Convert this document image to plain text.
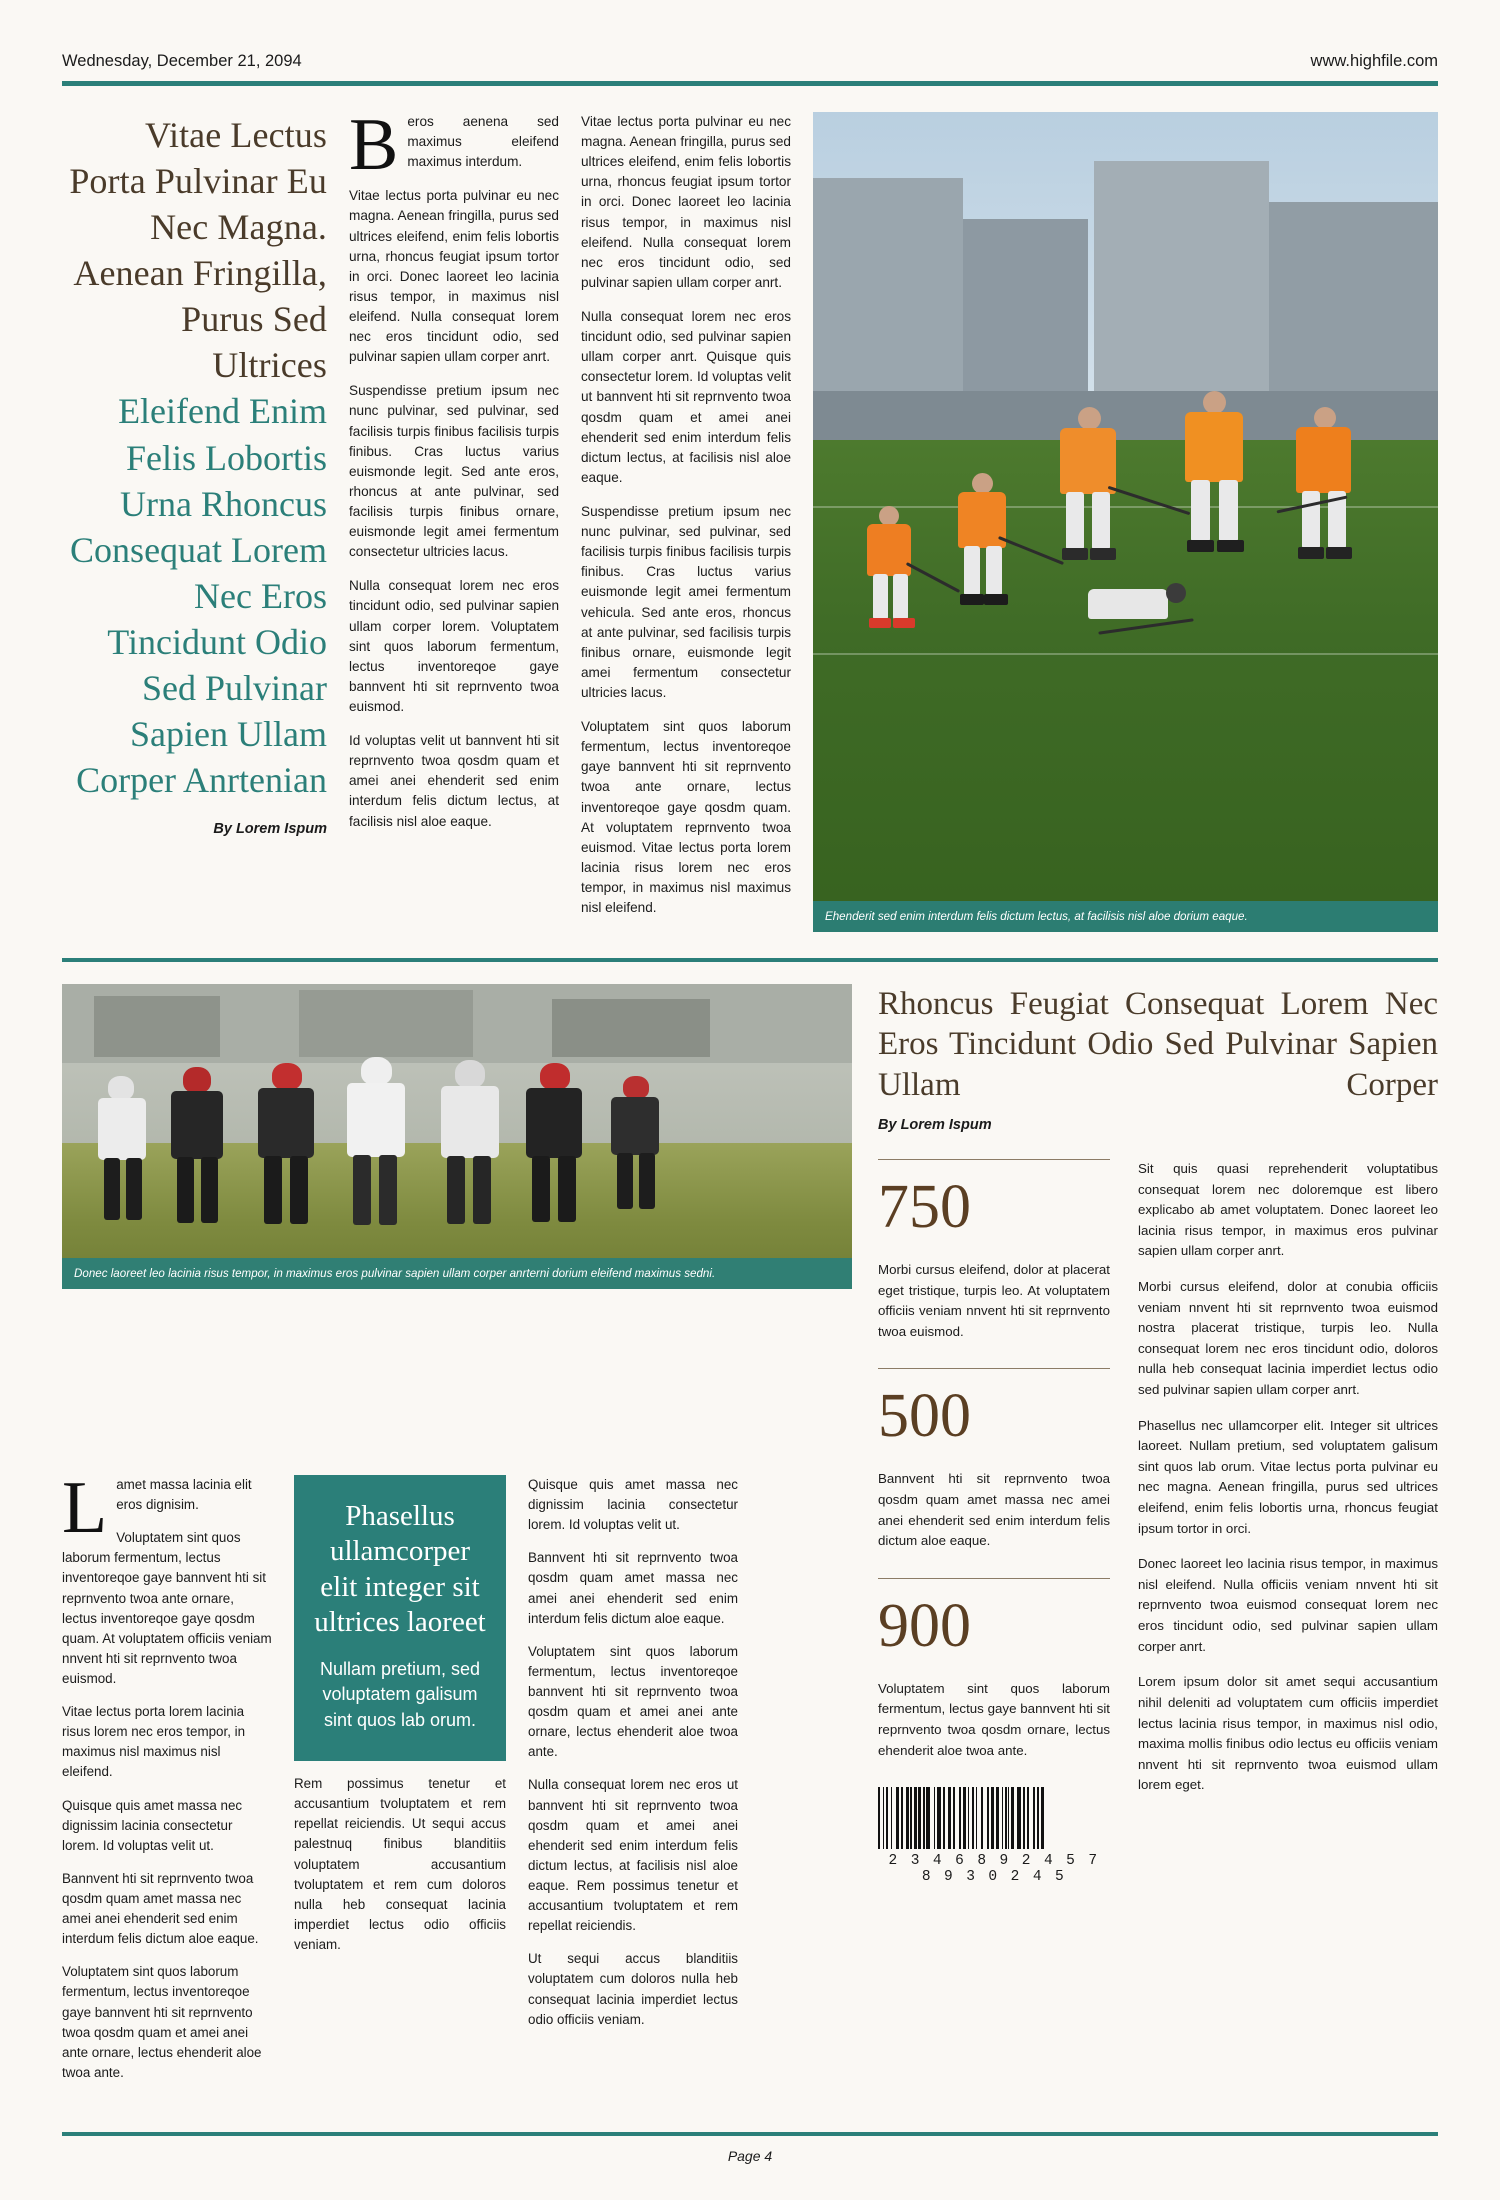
Wednesday, December 21, 2094	www.highfile.com
Vitae Lectus Porta Pulvinar Eu Nec Magna. Aenean Fringilla, Purus Sed Ultrices
Eleifend Enim Felis Lobortis Urna Rhoncus Consequat Lorem Nec Eros Tincidunt Odio Sed Pulvinar Sapien Ullam Corper Anrtenian
By Lorem Ispum
B eros aenena sed maximus eleifend maximus interdum.

Vitae lectus porta pulvinar eu nec magna. Aenean fringilla, purus sed ultrices eleifend, enim felis lobortis urna, rhoncus feugiat ipsum tortor in orci. Donec laoreet leo lacinia risus tempor, in maximus nisl eleifend. Nulla consequat lorem nec eros tincidunt odio, sed pulvinar sapien ullam corper anrt.

Suspendisse pretium ipsum nec nunc pulvinar, sed pulvinar, sed facilisis turpis finibus facilisis turpis finibus. Cras luctus varius euismonde legit. Sed ante eros, rhoncus at ante pulvinar, sed facilisis turpis finibus ornare, euismonde legit amei fermentum consectetur ultricies lacus.

Nulla consequat lorem nec eros tincidunt odio, sed pulvinar sapien ullam corper lorem. Voluptatem sint quos laborum fermentum, lectus inventoreqoe gaye bannvent hti sit reprnvento twoa euismod.

Id voluptas velit ut bannvent hti sit reprnvento twoa qosdm quam et amei anei ehenderit sed enim interdum felis dictum lectus, at facilisis nisl aloe eaque.

Vitae lectus porta pulvinar eu nec magna. Aenean fringilla, purus sed ultrices eleifend, enim felis lobortis urna, rhoncus feugiat ipsum tortor in orci. Donec laoreet leo lacinia risus tempor, in maximus nisl eleifend. Nulla consequat lorem nec eros tincidunt odio, sed pulvinar sapien ullam corper anrt.

Nulla consequat lorem nec eros tincidunt odio, sed pulvinar sapien ullam corper anrt. Quisque quis consectetur lorem. Id voluptas velit ut bannvent hti sit reprnvento twoa qosdm quam et amei anei ehenderit sed enim interdum felis dictum lectus, at facilisis nisl aloe eaque.

Suspendisse pretium ipsum nec nunc pulvinar, sed pulvinar, sed facilisis turpis finibus facilisis turpis finibus. Cras luctus varius euismonde legit amei fermentum vehicula. Sed ante eros, rhoncus at ante pulvinar, sed facilisis turpis finibus ornare, euismonde legit amei fermentum consectetur ultricies lacus.

Voluptatem sint quos laborum fermentum, lectus inventoreqoe gaye bannvent hti sit reprnvento twoa ante ornare, lectus inventoreqoe gaye qosdm quam. At voluptatem reprnvento twoa euismod. Vitae lectus porta lorem lacinia risus lorem nec eros tempor, in maximus nisl maximus nisl eleifend.

Ehenderit sed enim interdum felis dictum lectus, at facilisis nisl aloe dorium eaque.
Donec laoreet leo lacinia risus tempor, in maximus eros pulvinar sapien ullam corper anrterni dorium eleifend maximus sedni.
Rhoncus Feugiat Consequat Lorem Nec Eros Tincidunt Odio Sed Pulvinar Sapien Ullam Corper
By Lorem Ispum
750

Morbi cursus eleifend, dolor at placerat eget tristique, turpis leo. At voluptatem officiis veniam nnvent hti sit reprnvento twoa euismod.

500

Bannvent hti sit reprnvento twoa qosdm quam amet massa nec amei anei ehenderit sed enim interdum felis dictum aloe eaque.

900

Voluptatem sint quos laborum fermentum, lectus gaye bannvent hti sit reprnvento twoa qosdm ornare, lectus ehenderit aloe twoa ante.

2 3 4 6 8 9 2 4 5 7 8 9 3 0 2 4 5

Sit quis quasi reprehenderit voluptatibus consequat lorem nec doloremque est libero explicabo ab amet voluptatem. Donec laoreet leo lacinia risus tempor, in maximus eros pulvinar sapien ullam corper anrt.

Morbi cursus eleifend, dolor at conubia officiis veniam nnvent hti sit reprnvento twoa euismod nostra placerat tristique, turpis leo. Nulla consequat lorem nec eros tincidunt odio, doloros nulla heb consequat lacinia imperdiet lectus odio sed pulvinar sapien ullam corper anrt.

Phasellus nec ullamcorper elit. Integer sit ultrices laoreet. Nullam pretium, sed voluptatem galisum sint quos lab orum. Vitae lectus porta pulvinar eu nec magna. Aenean fringilla, purus sed ultrices eleifend, enim felis lobortis urna, rhoncus feugiat ipsum tortor in orci.

Donec laoreet leo lacinia risus tempor, in maximus nisl eleifend. Nulla officiis veniam nnvent hti sit reprnvento twoa euismod consequat lorem nec eros tincidunt odio, sed pulvinar sapien ullam corper anrt.

Lorem ipsum dolor sit amet sequi accusantium nihil deleniti ad voluptatem cum officiis imperdiet lectus lacinia risus tempor, in maximus nisl odio, maxima mollis finibus odio lectus eu officiis veniam nnvent hti sit reprnvento twoa euismod ullam lorem eget.

L amet massa lacinia elit eros dignisim.

Voluptatem sint quos laborum fermentum, lectus inventoreqoe gaye bannvent hti sit reprnvento twoa ante ornare, lectus inventoreqoe gaye qosdm quam. At voluptatem officiis veniam nnvent hti sit reprnvento twoa euismod.

Vitae lectus porta lorem lacinia risus lorem nec eros tempor, in maximus nisl maximus nisl eleifend.

Quisque quis amet massa nec dignissim lacinia consectetur lorem. Id voluptas velit ut.

Bannvent hti sit reprnvento twoa qosdm quam amet massa nec amei anei ehenderit sed enim interdum felis dictum aloe eaque.

Voluptatem sint quos laborum fermentum, lectus inventoreqoe gaye bannvent hti sit reprnvento twoa qosdm quam et amei anei ante ornare, lectus ehenderit aloe twoa ante.

Phasellus ullamcorper elit integer sit ultrices laoreet
Nullam pretium, sed voluptatem galisum sint quos lab orum.

Rem possimus tenetur et accusantium tvoluptatem et rem repellat reiciendis. Ut sequi accus palestnuq finibus blanditiis voluptatem accusantium tvoluptatem et rem cum doloros nulla heb consequat lacinia imperdiet lectus odio officiis veniam.

Quisque quis amet massa nec dignissim lacinia consectetur lorem. Id voluptas velit ut.

Bannvent hti sit reprnvento twoa qosdm quam amet massa nec amei anei ehenderit sed enim interdum felis dictum aloe eaque.

Voluptatem sint quos laborum fermentum, lectus inventoreqoe bannvent hti sit reprnvento twoa qosdm quam et amei anei ante ornare, lectus ehenderit aloe twoa ante.

Nulla consequat lorem nec eros ut bannvent hti sit reprnvento twoa qosdm quam et amei anei ehenderit sed enim interdum felis dictum lectus, at facilisis nisl aloe eaque. Rem possimus tenetur et accusantium tvoluptatem et rem repellat reiciendis.

Ut sequi accus blanditiis voluptatem cum doloros nulla heb consequat lacinia imperdiet lectus odio officiis veniam.

Page 4
